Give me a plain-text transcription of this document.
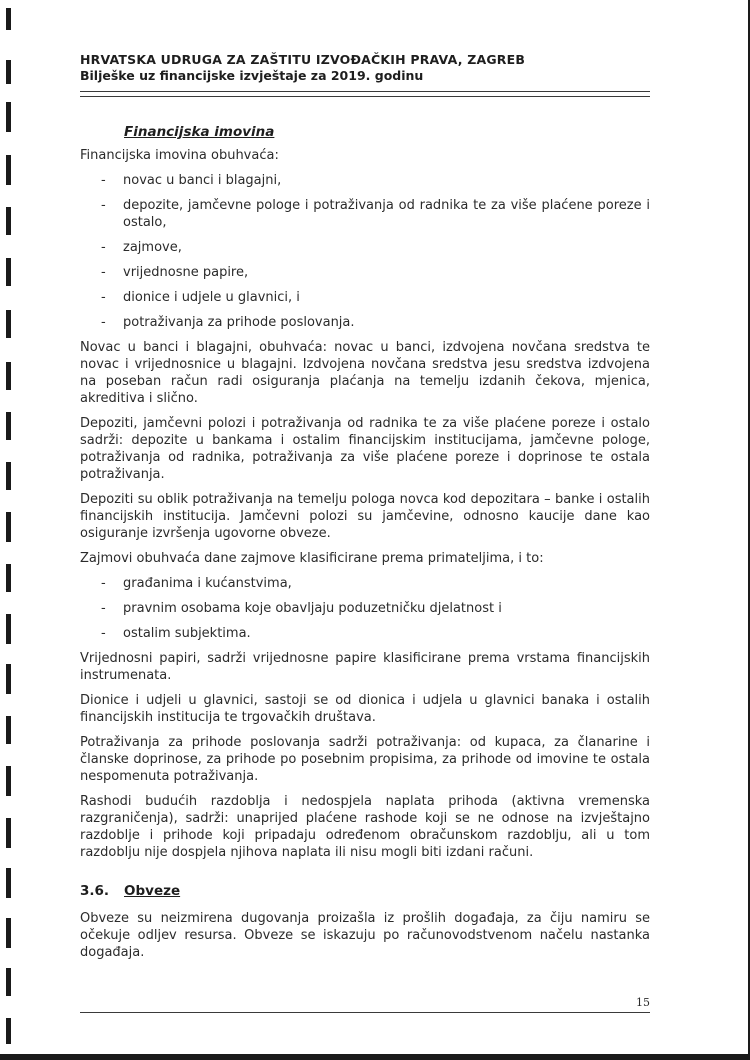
HRVATSKA UDRUGA ZA ZAŠTITU IZVOĐAČKIH PRAVA, ZAGREB
Bilješke uz financijske izvještaje za 2019. godinu
Financijska imovina

Financijska imovina obuhvaća:

- novac u banci i blagajni,
- depozite, jamčevne pologe i potraživanja od radnika te za više plaćene poreze i ostalo,
- zajmove,
- vrijednosne papire,
- dionice i udjele u glavnici, i
- potraživanja za prihode poslovanja.

Novac u banci i blagajni, obuhvaća: novac u banci, izdvojena novčana sredstva te novac i vrijednosnice u blagajni. Izdvojena novčana sredstva jesu sredstva izdvojena na poseban račun radi osiguranja plaćanja na temelju izdanih čekova, mjenica, akreditiva i slično.

Depoziti, jamčevni polozi i potraživanja od radnika te za više plaćene poreze i ostalo sadrži: depozite u bankama i ostalim financijskim institucijama, jamčevne pologe, potraživanja od radnika, potraživanja za više plaćene poreze i doprinose te ostala potraživanja.

Depoziti su oblik potraživanja na temelju pologa novca kod depozitara – banke i ostalih financijskih institucija. Jamčevni polozi su jamčevine, odnosno kaucije dane kao osiguranje izvršenja ugovorne obveze.

Zajmovi obuhvaća dane zajmove klasificirane prema primateljima, i to:

- građanima i kućanstvima,
- pravnim osobama koje obavljaju poduzetničku djelatnost i
- ostalim subjektima.

Vrijednosni papiri, sadrži vrijednosne papire klasificirane prema vrstama financijskih instrumenata.

Dionice i udjeli u glavnici, sastoji se od dionica i udjela u glavnici banaka i ostalih financijskih institucija te trgovačkih društava.

Potraživanja za prihode poslovanja sadrži potraživanja: od kupaca, za članarine i članske doprinose, za prihode po posebnim propisima, za prihode od imovine te ostala nespomenuta potraživanja.

Rashodi budućih razdoblja i nedospjela naplata prihoda (aktivna vremenska razgraničenja), sadrži: unaprijed plaćene rashode koji se ne odnose na izvještajno razdoblje i prihode koji pripadaju određenom obračunskom razdoblju, ali u tom razdoblju nije dospjela njihova naplata ili nisu mogli biti izdani računi.

3.6. Obveze

Obveze su neizmirena dugovanja proizašla iz prošlih događaja, za čiju namiru se očekuje odljev resursa. Obveze se iskazuju po računovodstvenom načelu nastanka događaja.

15
